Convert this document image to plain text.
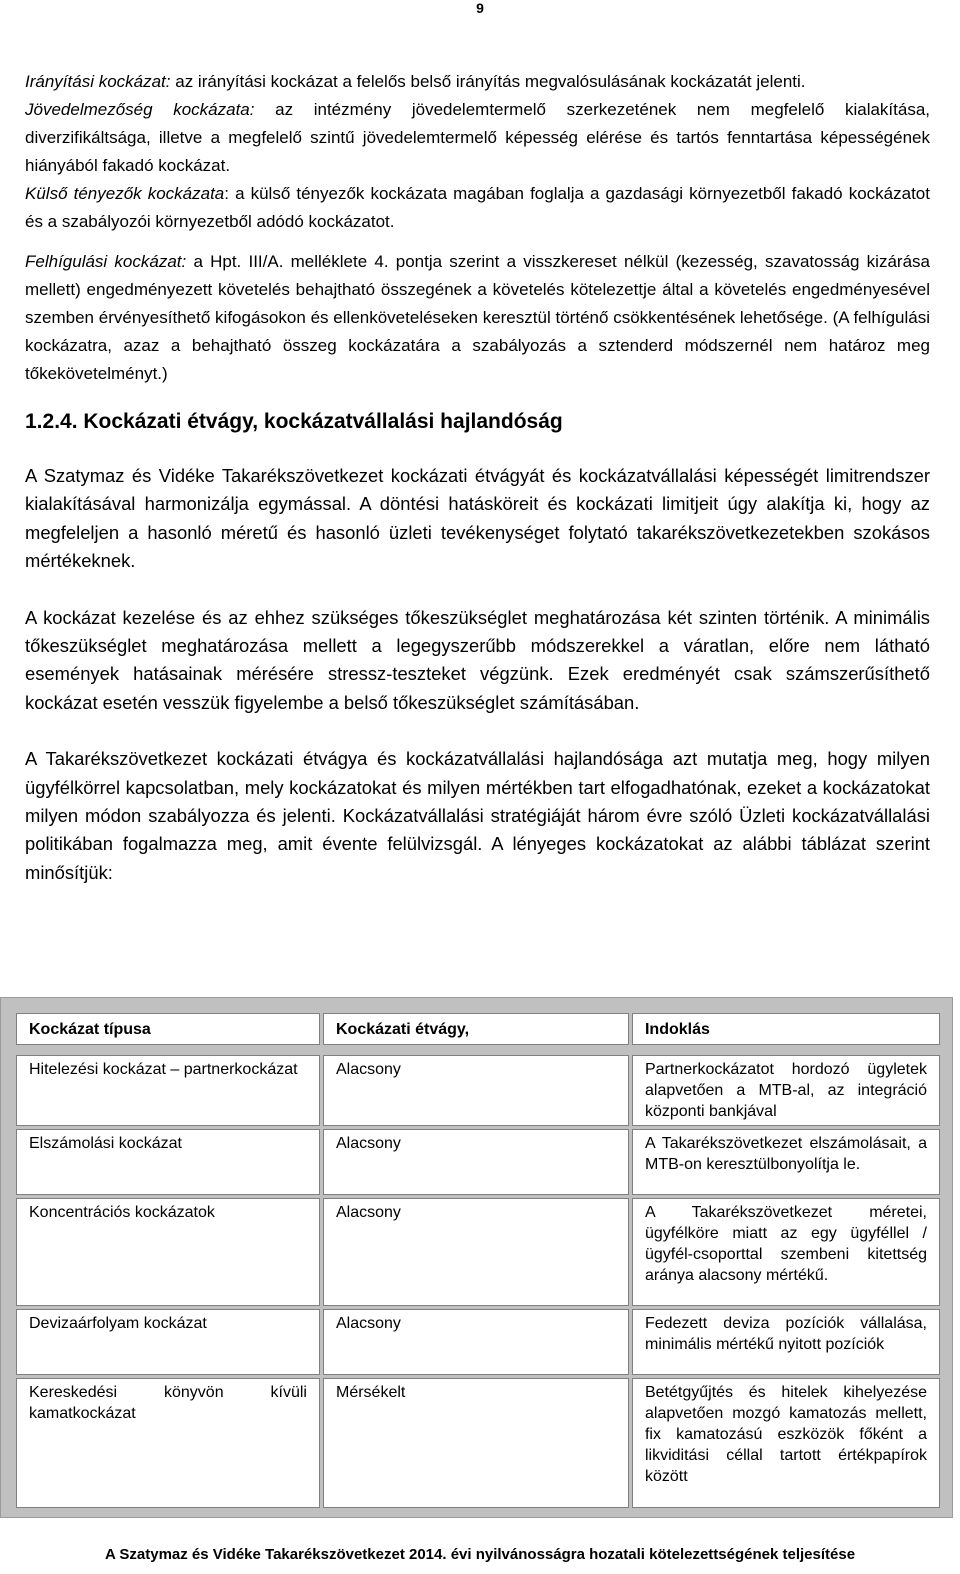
9

Irányítási kockázat: az irányítási kockázat a felelős belső irányítás megvalósulásának kockázatát jelenti.

Jövedelmezőség kockázata: az intézmény jövedelemtermelő szerkezetének nem megfelelő kialakítása, diverzifikáltsága, illetve a megfelelő szintű jövedelemtermelő képesség elérése és tartós fenntartása képességének hiányából fakadó kockázat.

Külső tényezők kockázata: a külső tényezők kockázata magában foglalja a gazdasági környezetből fakadó kockázatot és a szabályozói környezetből adódó kockázatot.

Felhígulási kockázat: a Hpt. III/A. melléklete 4. pontja szerint a visszkereset nélkül (kezesség, szavatosság kizárása mellett) engedményezett követelés behajtható összegének a követelés kötelezettje által a követelés engedményesével szemben érvényesíthető kifogásokon és ellenköveteléseken keresztül történő csökkentésének lehetősége. (A felhígulási kockázatra, azaz a behajtható összeg kockázatára a szabályozás a sztenderd módszernél nem határoz meg tőkekövetelményt.)

1.2.4. Kockázati étvágy, kockázatvállalási hajlandóság

A Szatymaz és Vidéke Takarékszövetkezet kockázati étvágyát és kockázatvállalási képességét limitrendszer kialakításával harmonizálja egymással. A döntési hatásköreit és kockázati limitjeit úgy alakítja ki, hogy az megfeleljen a hasonló méretű és hasonló üzleti tevékenységet folytató takarékszövetkezetekben szokásos mértékeknek.

A kockázat kezelése és az ehhez szükséges tőkeszükséglet meghatározása két szinten történik. A minimális tőkeszükséglet meghatározása mellett a legegyszerűbb módszerekkel a váratlan, előre nem látható események hatásainak mérésére stressz-teszteket végzünk. Ezek eredményét csak számszerűsíthető kockázat esetén vesszük figyelembe a belső tőkeszükséglet számításában.

A Takarékszövetkezet kockázati étvágya és kockázatvállalási hajlandósága azt mutatja meg, hogy milyen ügyfélkörrel kapcsolatban, mely kockázatokat és milyen mértékben tart elfogadhatónak, ezeket a kockázatokat milyen módon szabályozza és jelenti. Kockázatvállalási stratégiáját három évre szóló Üzleti kockázatvállalási politikában fogalmazza meg, amit évente felülvizsgál. A lényeges kockázatokat az alábbi táblázat szerint minősítjük:

Kockázat típusa	Kockázati étvágy,	Indoklás

Hitelezési kockázat – partnerkockázat	Alacsony	Partnerkockázatot hordozó ügyletek alapvetően a MTB-al, az integráció központi bankjával
Elszámolási kockázat	Alacsony	A Takarékszövetkezet elszámolásait, a MTB-on keresztülbonyolítja le.
Koncentrációs kockázatok	Alacsony	A Takarékszövetkezet méretei, ügyfélköre miatt az egy ügyféllel / ügyfél-csoporttal szembeni kitettség aránya alacsony mértékű.
Devizaárfolyam kockázat	Alacsony	Fedezett deviza pozíciók vállalása, minimális mértékű nyitott pozíciók
Kereskedési könyvön kívüli kamatkockázat	Mérsékelt	Betétgyűjtés és hitelek kihelyezése alapvetően mozgó kamatozás mellett, fix kamatozású eszközök főként a likviditási céllal tartott értékpapírok között
A Szatymaz és Vidéke Takarékszövetkezet 2014. évi nyilvánosságra hozatali kötelezettségének teljesítése
